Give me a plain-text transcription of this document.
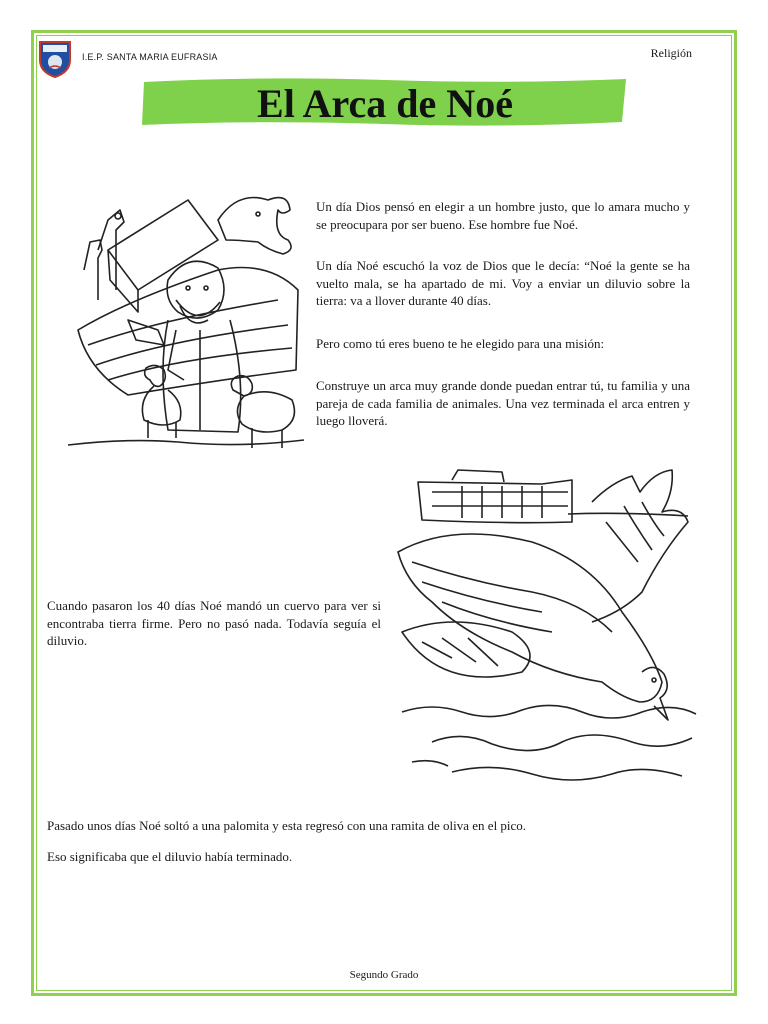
I.E.P. SANTA MARIA EUFRASIA	Religión
El Arca de Noé

Un día Dios pensó en elegir a un hombre justo, que lo amara mucho y se preocupara por ser bueno. Ese hombre fue Noé.

Un día Noé escuchó la voz de Dios que le decía: “Noé la gente se ha vuelto mala, se ha apartado de mi. Voy a enviar un diluvio sobre la tierra: va a llover durante 40 días.

Pero como tú eres bueno te he elegido para una misión:

Construye un arca muy grande donde puedan entrar tú, tu familia y una pareja de cada familia de animales. Una vez terminada el arca entren y luego lloverá.

Cuando pasaron los 40 días Noé mandó un cuervo para ver si encontraba tierra firme. Pero no pasó nada. Todavía seguía el diluvio.

Pasado unos días Noé soltó a una palomita y esta regresó con una ramita de oliva en el pico.

Eso significaba que el diluvio había terminado.

Segundo Grado
